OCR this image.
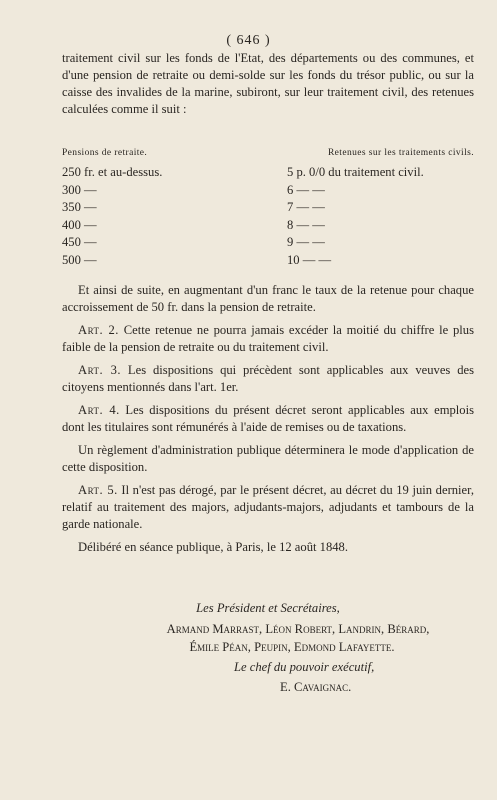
( 646 )

traitement civil sur les fonds de l'Etat, des départements ou des communes, et d'une pension de retraite ou demi-solde sur les fonds du trésor public, ou sur la caisse des invalides de la marine, subiront, sur leur traitement civil, des retenues calculées comme il suit :

Pensions de retraite.	Retenues sur les traitements civils.
250 fr. et au-dessus.	5 p. 0/0 du traitement civil.
300 —	6 — —
350 —	7 — —
400 —	8 — —
450 —	9 — —
500 —	10 — —

Et ainsi de suite, en augmentant d'un franc le taux de la retenue pour chaque accroissement de 50 fr. dans la pension de retraite.

Art. 2. Cette retenue ne pourra jamais excéder la moitié du chiffre le plus faible de la pension de retraite ou du traitement civil.

Art. 3. Les dispositions qui précèdent sont applicables aux veuves des citoyens mentionnés dans l'art. 1er.

Art. 4. Les dispositions du présent décret seront applicables aux emplois dont les titulaires sont rémunérés à l'aide de remises ou de taxations.

Un règlement d'administration publique déterminera le mode d'application de cette disposition.

Art. 5. Il n'est pas dérogé, par le présent décret, au décret du 19 juin dernier, relatif au traitement des majors, adjudants-majors, adjudants et tambours de la garde nationale.

Délibéré en séance publique, à Paris, le 12 août 1848.

Les Président et Secrétaires,
Armand Marrast, Léon Robert, Landrin, Bérard,
Émile Péan, Peupin, Edmond Lafayette.
Le chef du pouvoir exécutif,
E. Cavaignac.
